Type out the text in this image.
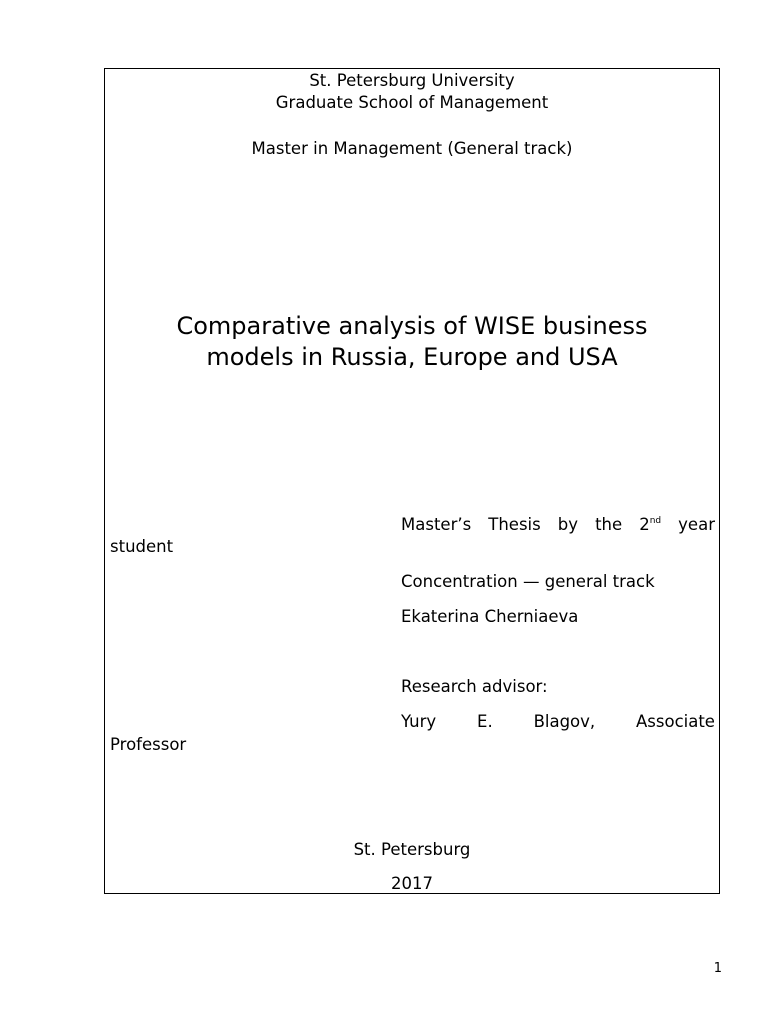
St. Petersburg University
Graduate School of Management
Master in Management (General track)
Comparative analysis of WISE business
models in Russia, Europe and USA
Master’s Thesis by the 2nd year
student
Concentration — general track
Ekaterina Cherniaeva
Research advisor:
Yury E. Blagov, Associate
Professor
St. Petersburg
2017
1
